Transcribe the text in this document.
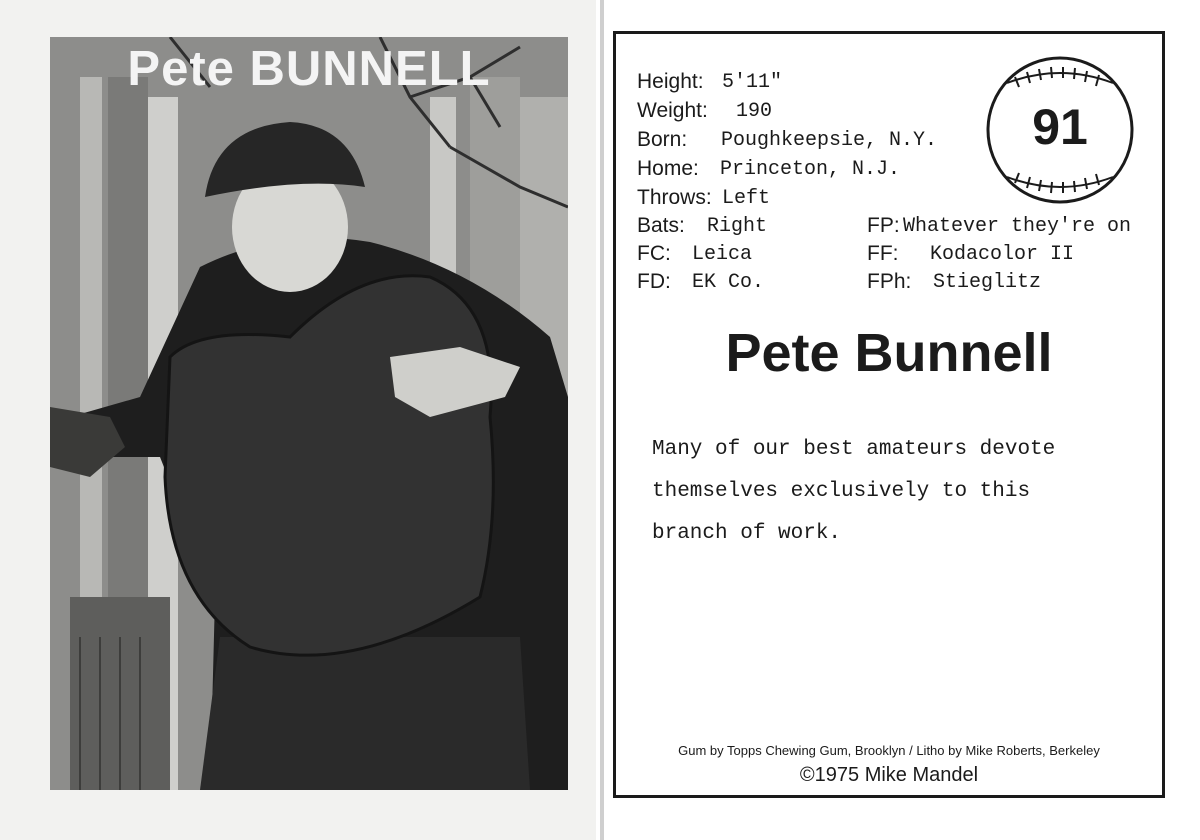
Pete BUNNELL	Height: 5'11"
Weight: 190
Born: Poughkeepsie, N.Y.
Home: Princeton, N.J.
Throws: Left
Bats: Right
FC: Leica
FD: EK Co.
FP: Whatever they're on
FF: Kodacolor II
FPh: Stieglitz
91
Pete Bunnell
Many of our best amateurs devote
themselves exclusively to this
branch of work.
Gum by Topps Chewing Gum, Brooklyn / Litho by Mike Roberts, Berkeley
©1975 Mike Mandel
